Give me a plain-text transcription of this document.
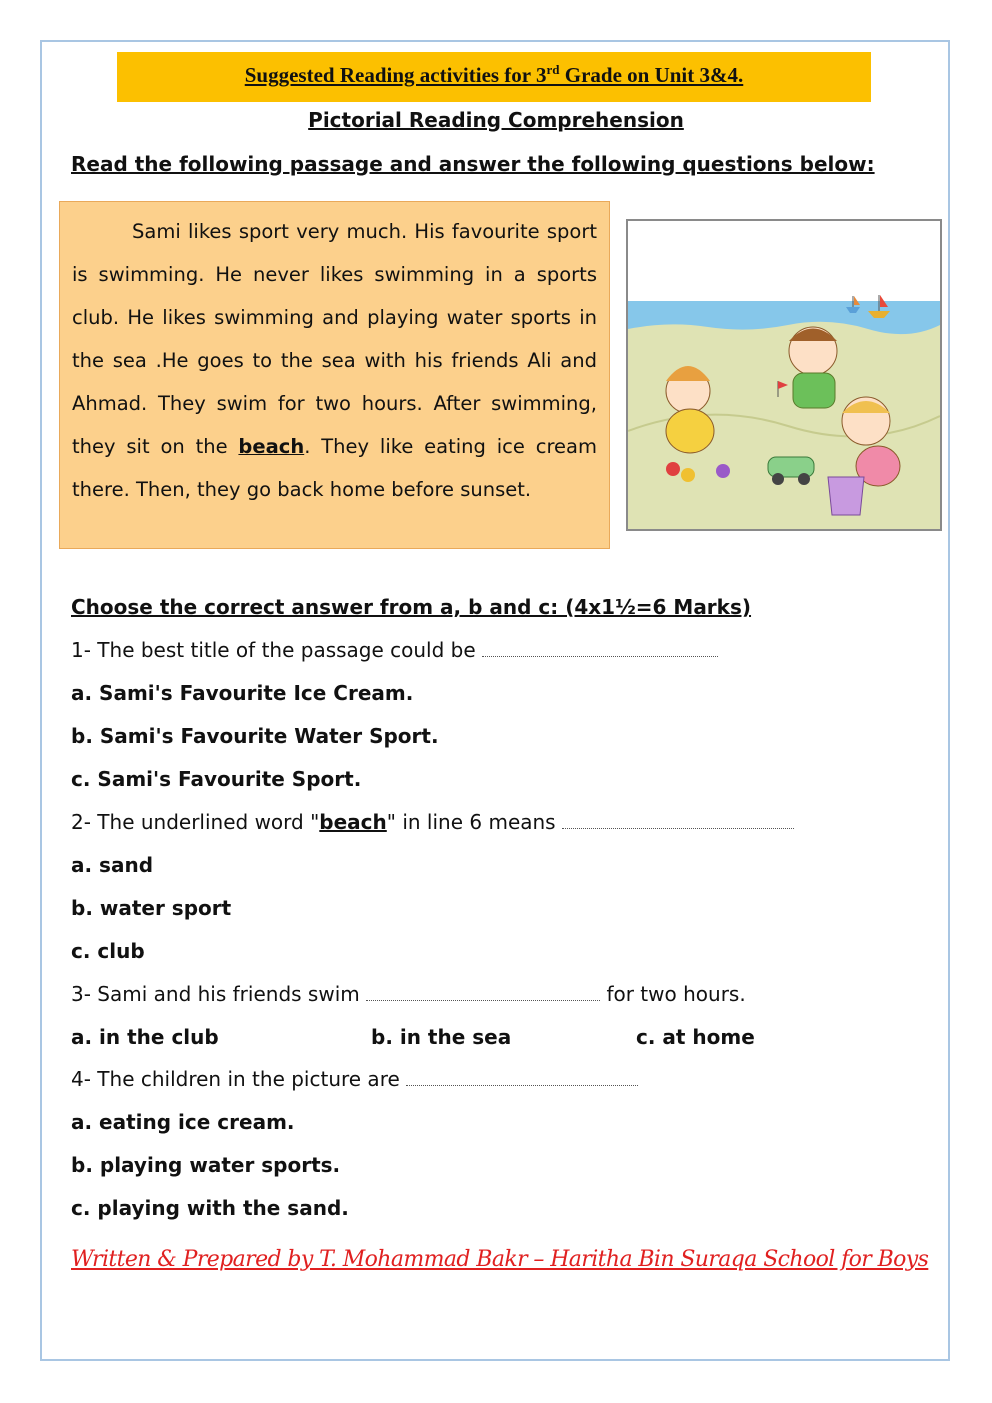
Suggested Reading activities for 3rd Grade on Unit 3&4.
Pictorial Reading Comprehension
Read the following passage and answer the following questions below:
Sami likes sport very much. His favourite sport is swimming. He never likes swimming in a sports club. He likes swimming and playing water sports in the sea .He goes to the sea with his friends Ali and Ahmad. They swim for two hours. After swimming, they sit on the beach. They like eating ice cream there. Then, they go back home before sunset.
Choose the correct answer from a, b and c: (4x1½=6 Marks)
1- The best title of the passage could be
a. Sami's Favourite Ice Cream.
b. Sami's Favourite Water Sport.
c. Sami's Favourite Sport.
2- The underlined word "beach" in line 6 means
a. sand
b. water sport
c. club
3- Sami and his friends swim	for two hours.
a. in the club	b. in the sea	c. at home
4- The children in the picture are
a. eating ice cream.
b. playing water sports.
c. playing with the sand.
Written & Prepared by T. Mohammad Bakr – Haritha Bin Suraqa School for Boys
